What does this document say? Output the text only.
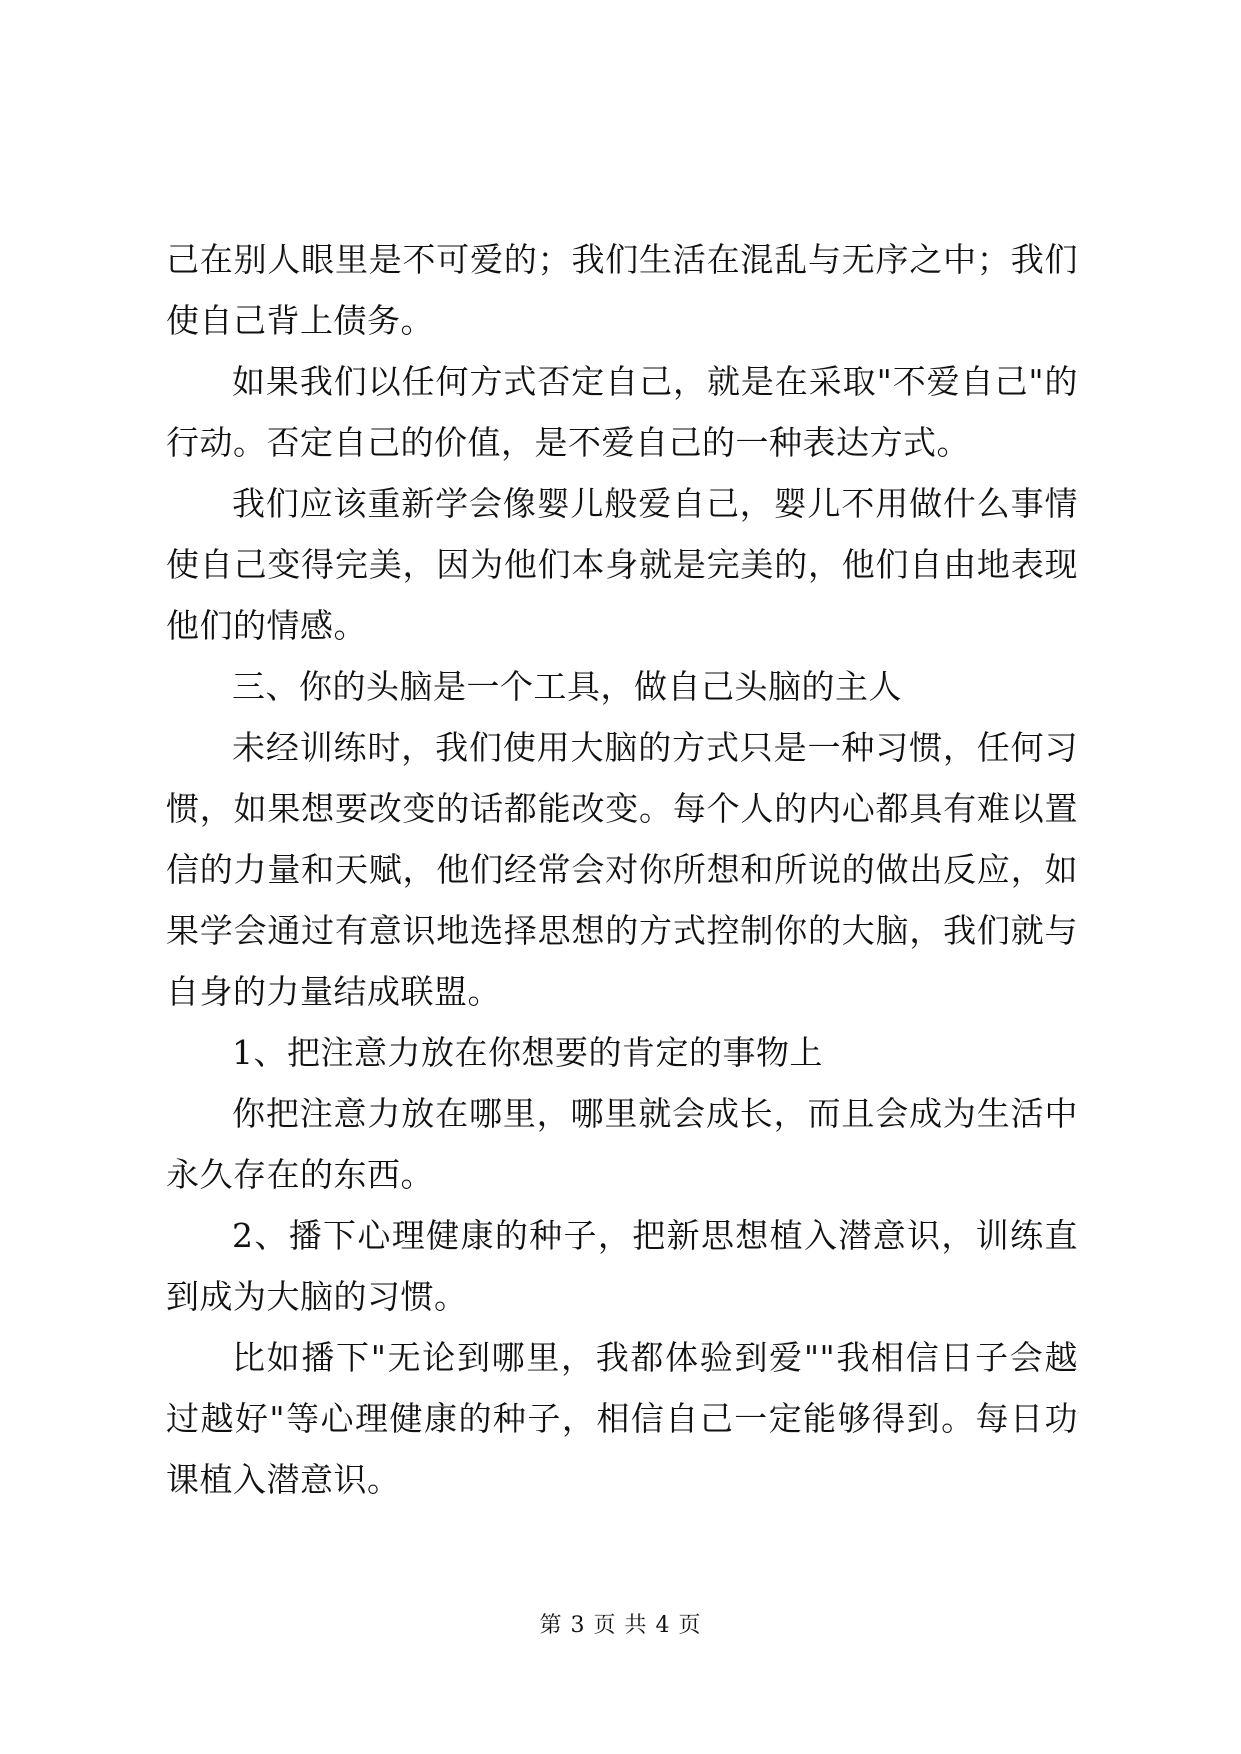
己在别人眼里是不可爱的；我们生活在混乱与无序之中；我们使自己背上债务。

如果我们以任何方式否定自己，就是在采取"不爱自己"的行动。否定自己的价值，是不爱自己的一种表达方式。

我们应该重新学会像婴儿般爱自己，婴儿不用做什么事情使自己变得完美，因为他们本身就是完美的，他们自由地表现他们的情感。

三、你的头脑是一个工具，做自己头脑的主人

未经训练时，我们使用大脑的方式只是一种习惯，任何习惯，如果想要改变的话都能改变。每个人的内心都具有难以置信的力量和天赋，他们经常会对你所想和所说的做出反应，如果学会通过有意识地选择思想的方式控制你的大脑，我们就与自身的力量结成联盟。

1、把注意力放在你想要的肯定的事物上

你把注意力放在哪里，哪里就会成长，而且会成为生活中永久存在的东西。

2、播下心理健康的种子，把新思想植入潜意识，训练直到成为大脑的习惯。

比如播下"无论到哪里，我都体验到爱""我相信日子会越过越好"等心理健康的种子，相信自己一定能够得到。每日功课植入潜意识。

第 3 页 共 4 页
